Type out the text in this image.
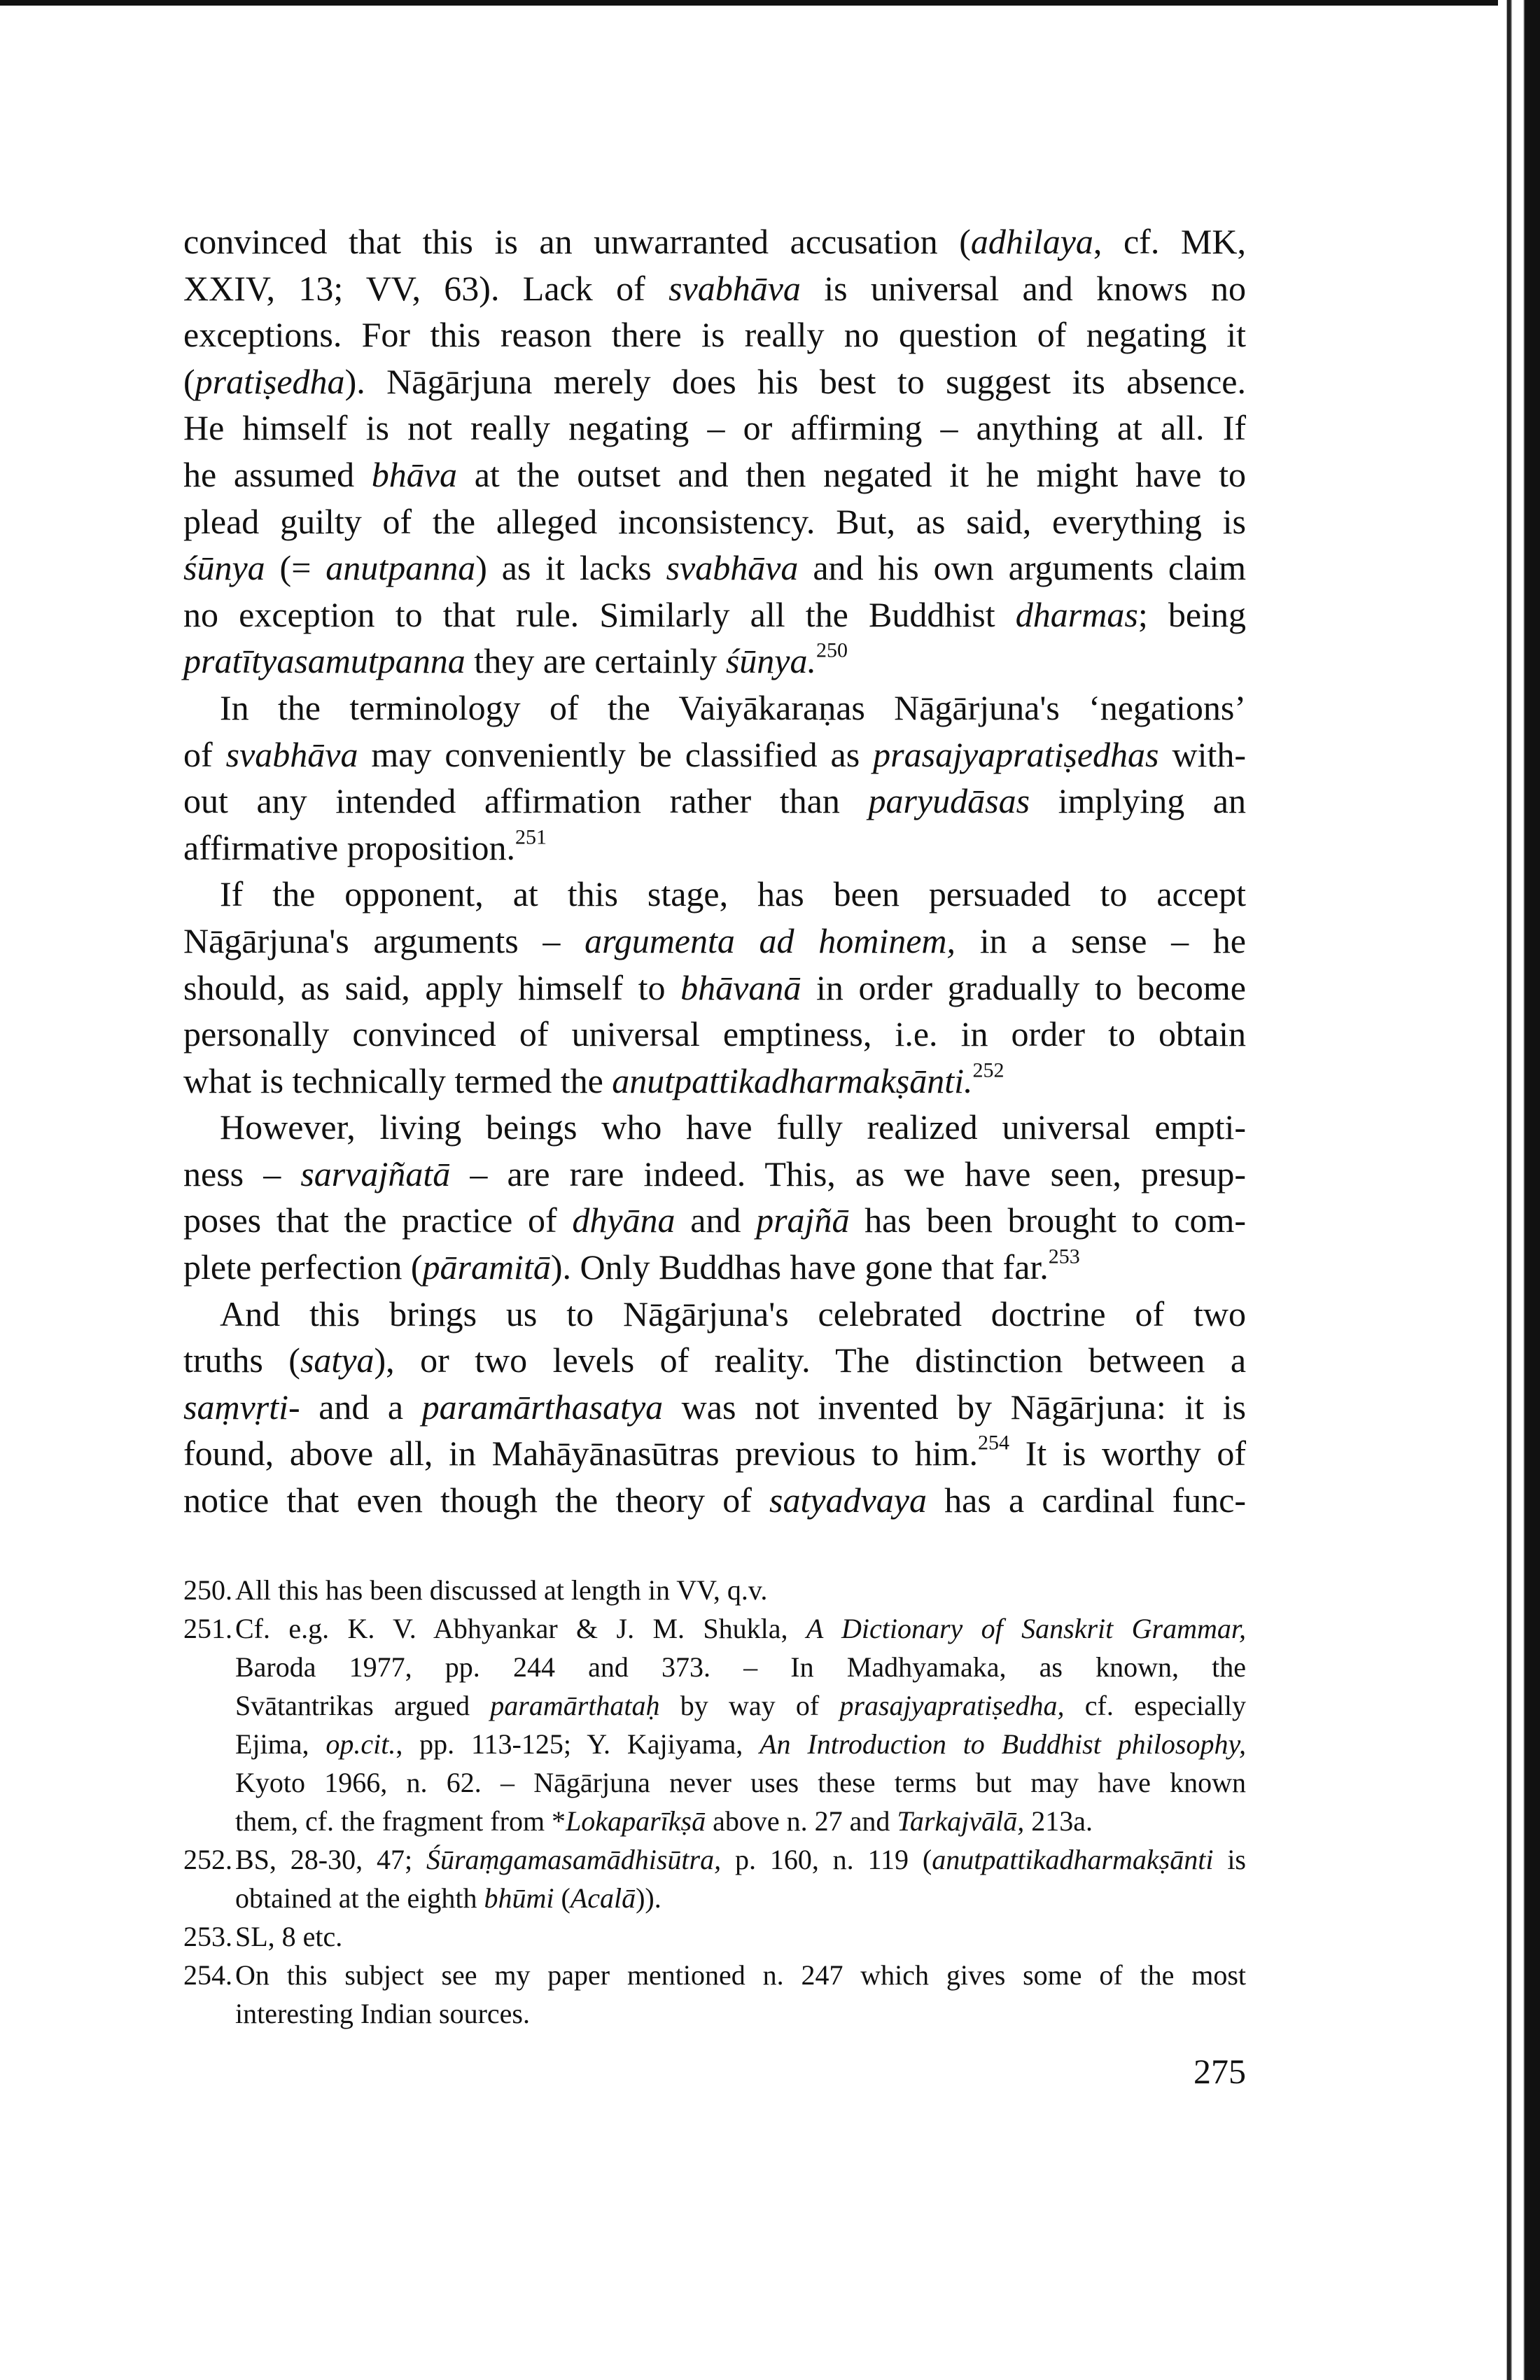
convinced that this is an unwarranted accusation (adhilaya, cf. MK,
XXIV, 13; VV, 63). Lack of svabhāva is universal and knows no
exceptions. For this reason there is really no question of negating it
(pratiṣedha). Nāgārjuna merely does his best to suggest its absence.
He himself is not really negating – or affirming – anything at all. If
he assumed bhāva at the outset and then negated it he might have to
plead guilty of the alleged inconsistency. But, as said, everything is
śūnya (= anutpanna) as it lacks svabhāva and his own arguments claim
no exception to that rule. Similarly all the Buddhist dharmas; being
pratītyasamutpanna they are certainly śūnya.$^{250}$
In the terminology of the Vaiyākaraṇas Nāgārjuna's ‘negations’
of svabhāva may conveniently be classified as prasajyapratiṣedhas with-
out any intended affirmation rather than paryudāsas implying an
affirmative proposition.$^{251}$
If the opponent, at this stage, has been persuaded to accept
Nāgārjuna's arguments – argumenta ad hominem, in a sense – he
should, as said, apply himself to bhāvanā in order gradually to become
personally convinced of universal emptiness, i.e. in order to obtain
what is technically termed the anutpattikadharmakṣānti.$^{252}$
However, living beings who have fully realized universal empti-
ness – sarvajñatā – are rare indeed. This, as we have seen, presup-
poses that the practice of dhyāna and prajñā has been brought to com-
plete perfection (pāramitā). Only Buddhas have gone that far.$^{253}$
And this brings us to Nāgārjuna's celebrated doctrine of two
truths (satya), or two levels of reality. The distinction between a
saṃvṛti- and a paramārthasatya was not invented by Nāgārjuna: it is
found, above all, in Mahāyānasūtras previous to him.$^{254}$ It is worthy of
notice that even though the theory of satyadvaya has a cardinal func-
250. All this has been discussed at length in VV, q.v.
251. Cf. e.g. K. V. Abhyankar & J. M. Shukla, A Dictionary of Sanskrit Grammar,
Baroda 1977, pp. 244 and 373. – In Madhyamaka, as known, the
Svātantrikas argued paramārthataḥ by way of prasajyapratiṣedha, cf. especially
Ejima, op.cit., pp. 113-125; Y. Kajiyama, An Introduction to Buddhist philosophy,
Kyoto 1966, n. 62. – Nāgārjuna never uses these terms but may have known
them, cf. the fragment from *Lokaparīkṣā above n. 27 and Tarkajvālā, 213a.
252. BS, 28-30, 47; Śūraṃgamasamādhisūtra, p. 160, n. 119 (anutpattikadharmakṣānti is
obtained at the eighth bhūmi (Acalā)).
253. SL, 8 etc.
254. On this subject see my paper mentioned n. 247 which gives some of the most
interesting Indian sources.
275
